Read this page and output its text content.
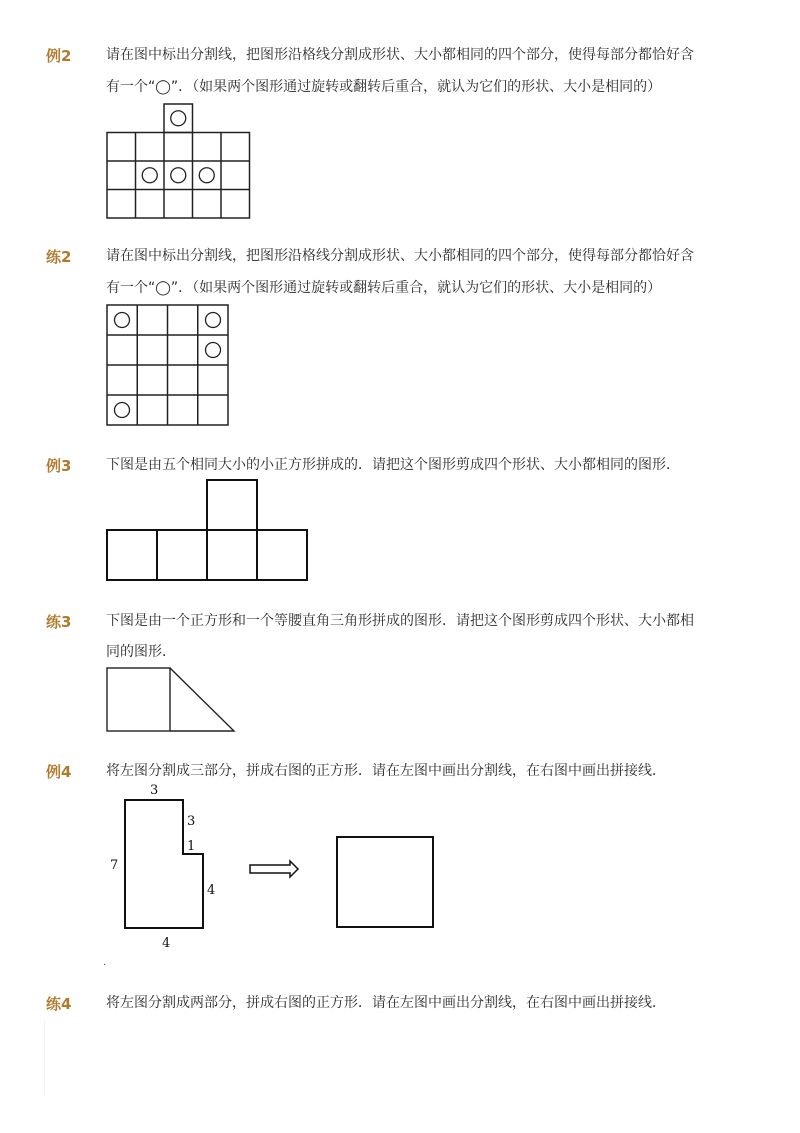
例2 请在图中标出分割线，把图形沿格线分割成形状、大小都相同的四个部分，使得每部分都恰好含
有一个“◯”．（如果两个图形通过旋转或翻转后重合，就认为它们的形状、大小是相同的）
练2 请在图中标出分割线，把图形沿格线分割成形状、大小都相同的四个部分，使得每部分都恰好含
有一个“◯”．（如果两个图形通过旋转或翻转后重合，就认为它们的形状、大小是相同的）
例3 下图是由五个相同大小的小正方形拼成的．请把这个图形剪成四个形状、大小都相同的图形．
练3 下图是由一个正方形和一个等腰直角三角形拼成的图形．请把这个图形剪成四个形状、大小都相
同的图形．
例4 将左图分割成三部分，拼成右图的正方形．请在左图中画出分割线，在右图中画出拼接线．
3
3
1
7
4
4
.
练4 将左图分割成两部分，拼成右图的正方形．请在左图中画出分割线，在右图中画出拼接线．
